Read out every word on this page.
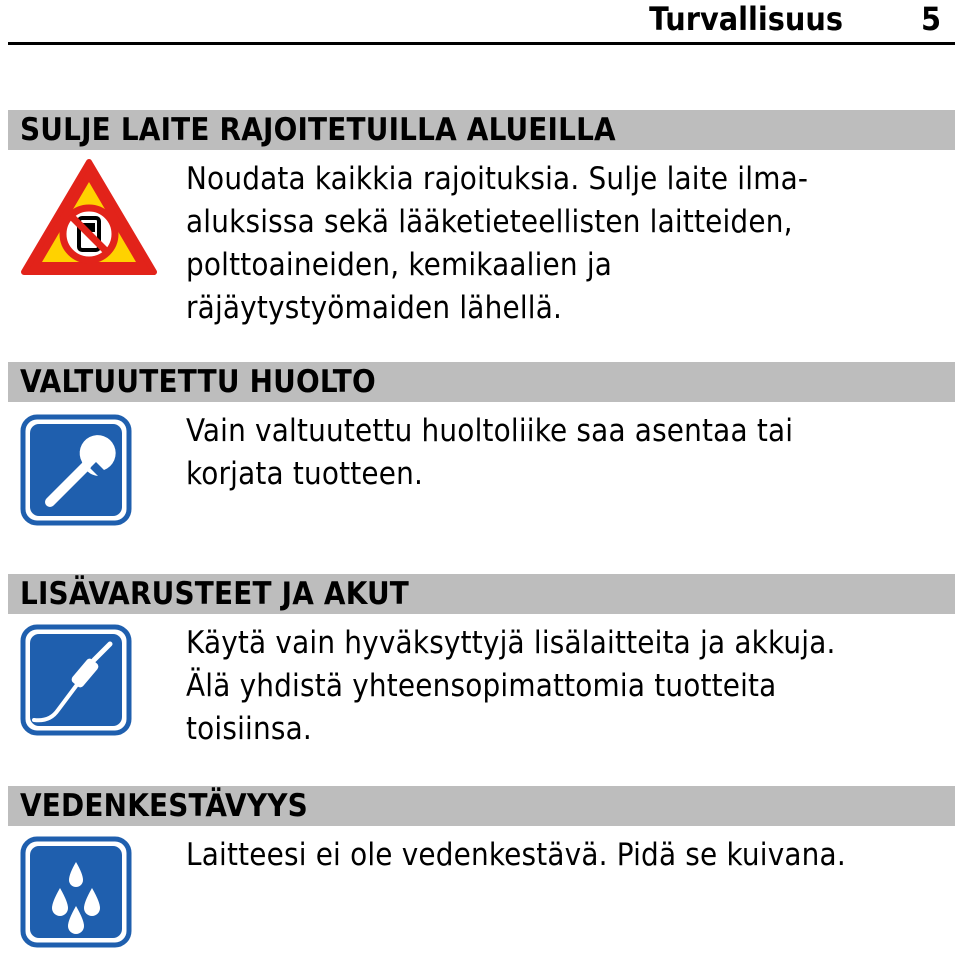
Turvallisuus 5
SULJE LAITE RAJOITETUILLA ALUEILLA
Noudata kaikkia rajoituksia. Sulje laite ilma-
aluksissa sekä lääketieteellisten laitteiden,
polttoaineiden, kemikaalien ja
räjäytystyömaiden lähellä.
VALTUUTETTU HUOLTO
Vain valtuutettu huoltoliike saa asentaa tai
korjata tuotteen.
LISÄVARUSTEET JA AKUT
Käytä vain hyväksyttyjä lisälaitteita ja akkuja.
Älä yhdistä yhteensopimattomia tuotteita
toisiinsa.
VEDENKESTÄVYYS
Laitteesi ei ole vedenkestävä. Pidä se kuivana.
